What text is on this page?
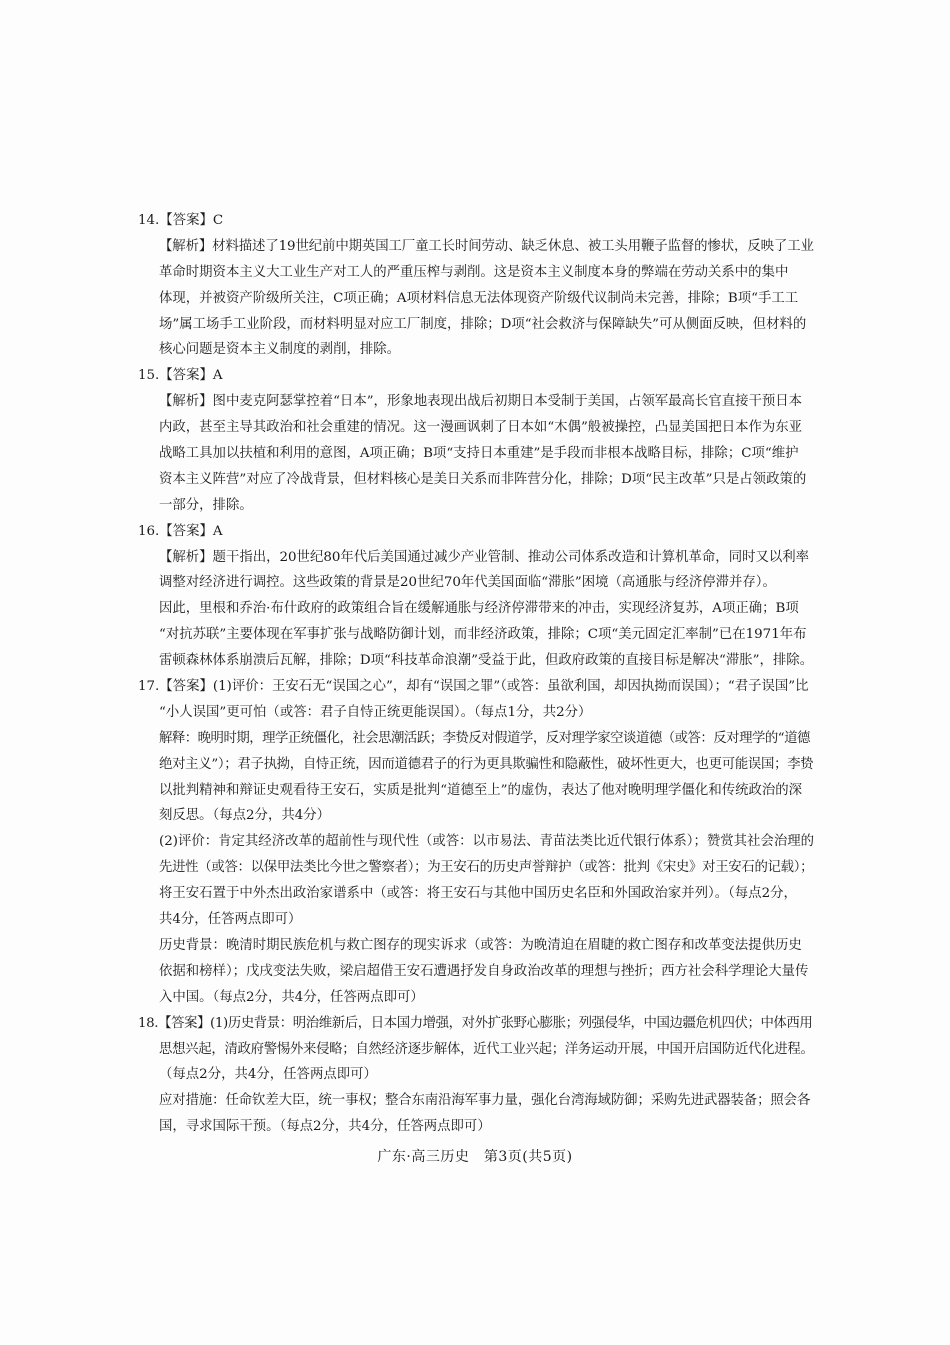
14.【答案】C
【解析】材料描述了19世纪前中期英国工厂童工长时间劳动、缺乏休息、被工头用鞭子监督的惨状，反映了工业
革命时期资本主义大工业生产对工人的严重压榨与剥削。这是资本主义制度本身的弊端在劳动关系中的集中
体现，并被资产阶级所关注，C项正确；A项材料信息无法体现资产阶级代议制尚未完善，排除；B项“手工工
场”属工场手工业阶段，而材料明显对应工厂制度，排除；D项“社会救济与保障缺失”可从侧面反映，但材料的
核心问题是资本主义制度的剥削，排除。
15.【答案】A
【解析】图中麦克阿瑟掌控着“日本”，形象地表现出战后初期日本受制于美国，占领军最高长官直接干预日本
内政，甚至主导其政治和社会重建的情况。这一漫画讽刺了日本如“木偶”般被操控，凸显美国把日本作为东亚
战略工具加以扶植和利用的意图，A项正确；B项“支持日本重建”是手段而非根本战略目标，排除；C项“维护
资本主义阵营”对应了冷战背景，但材料核心是美日关系而非阵营分化，排除；D项“民主改革”只是占领政策的
一部分，排除。
16.【答案】A
【解析】题干指出，20世纪80年代后美国通过减少产业管制、推动公司体系改造和计算机革命，同时又以利率
调整对经济进行调控。这些政策的背景是20世纪70年代美国面临“滞胀”困境（高通胀与经济停滞并存）。
因此，里根和乔治·布什政府的政策组合旨在缓解通胀与经济停滞带来的冲击，实现经济复苏，A项正确；B项
“对抗苏联”主要体现在军事扩张与战略防御计划，而非经济政策，排除；C项“美元固定汇率制”已在1971年布
雷顿森林体系崩溃后瓦解，排除；D项“科技革命浪潮”受益于此，但政府政策的直接目标是解决“滞胀”，排除。
17.【答案】(1)评价：王安石无“误国之心”，却有“误国之罪”（或答：虽欲利国，却因执拗而误国）；“君子误国”比
“小人误国”更可怕（或答：君子自恃正统更能误国）。（每点1分，共2分）
解释：晚明时期，理学正统僵化，社会思潮活跃；李贽反对假道学，反对理学家空谈道德（或答：反对理学的“道德
绝对主义”）；君子执拗，自恃正统，因而道德君子的行为更具欺骗性和隐蔽性，破坏性更大，也更可能误国；李贽
以批判精神和辩证史观看待王安石，实质是批判“道德至上”的虚伪，表达了他对晚明理学僵化和传统政治的深
刻反思。（每点2分，共4分）
(2)评价：肯定其经济改革的超前性与现代性（或答：以市易法、青苗法类比近代银行体系）；赞赏其社会治理的
先进性（或答：以保甲法类比今世之警察者）；为王安石的历史声誉辩护（或答：批判《宋史》对王安石的记载）；
将王安石置于中外杰出政治家谱系中（或答：将王安石与其他中国历史名臣和外国政治家并列）。（每点2分，
共4分，任答两点即可）
历史背景：晚清时期民族危机与救亡图存的现实诉求（或答：为晚清迫在眉睫的救亡图存和改革变法提供历史
依据和榜样）；戊戌变法失败，梁启超借王安石遭遇抒发自身政治改革的理想与挫折；西方社会科学理论大量传
入中国。（每点2分，共4分，任答两点即可）
18.【答案】(1)历史背景：明治维新后，日本国力增强，对外扩张野心膨胀；列强侵华，中国边疆危机四伏；中体西用
思想兴起，清政府警惕外来侵略；自然经济逐步解体，近代工业兴起；洋务运动开展，中国开启国防近代化进程。
（每点2分，共4分，任答两点即可）
应对措施：任命钦差大臣，统一事权；整合东南沿海军事力量，强化台湾海域防御；采购先进武器装备；照会各
国，寻求国际干预。（每点2分，共4分，任答两点即可）
广东·高三历史　第3页(共5页)
